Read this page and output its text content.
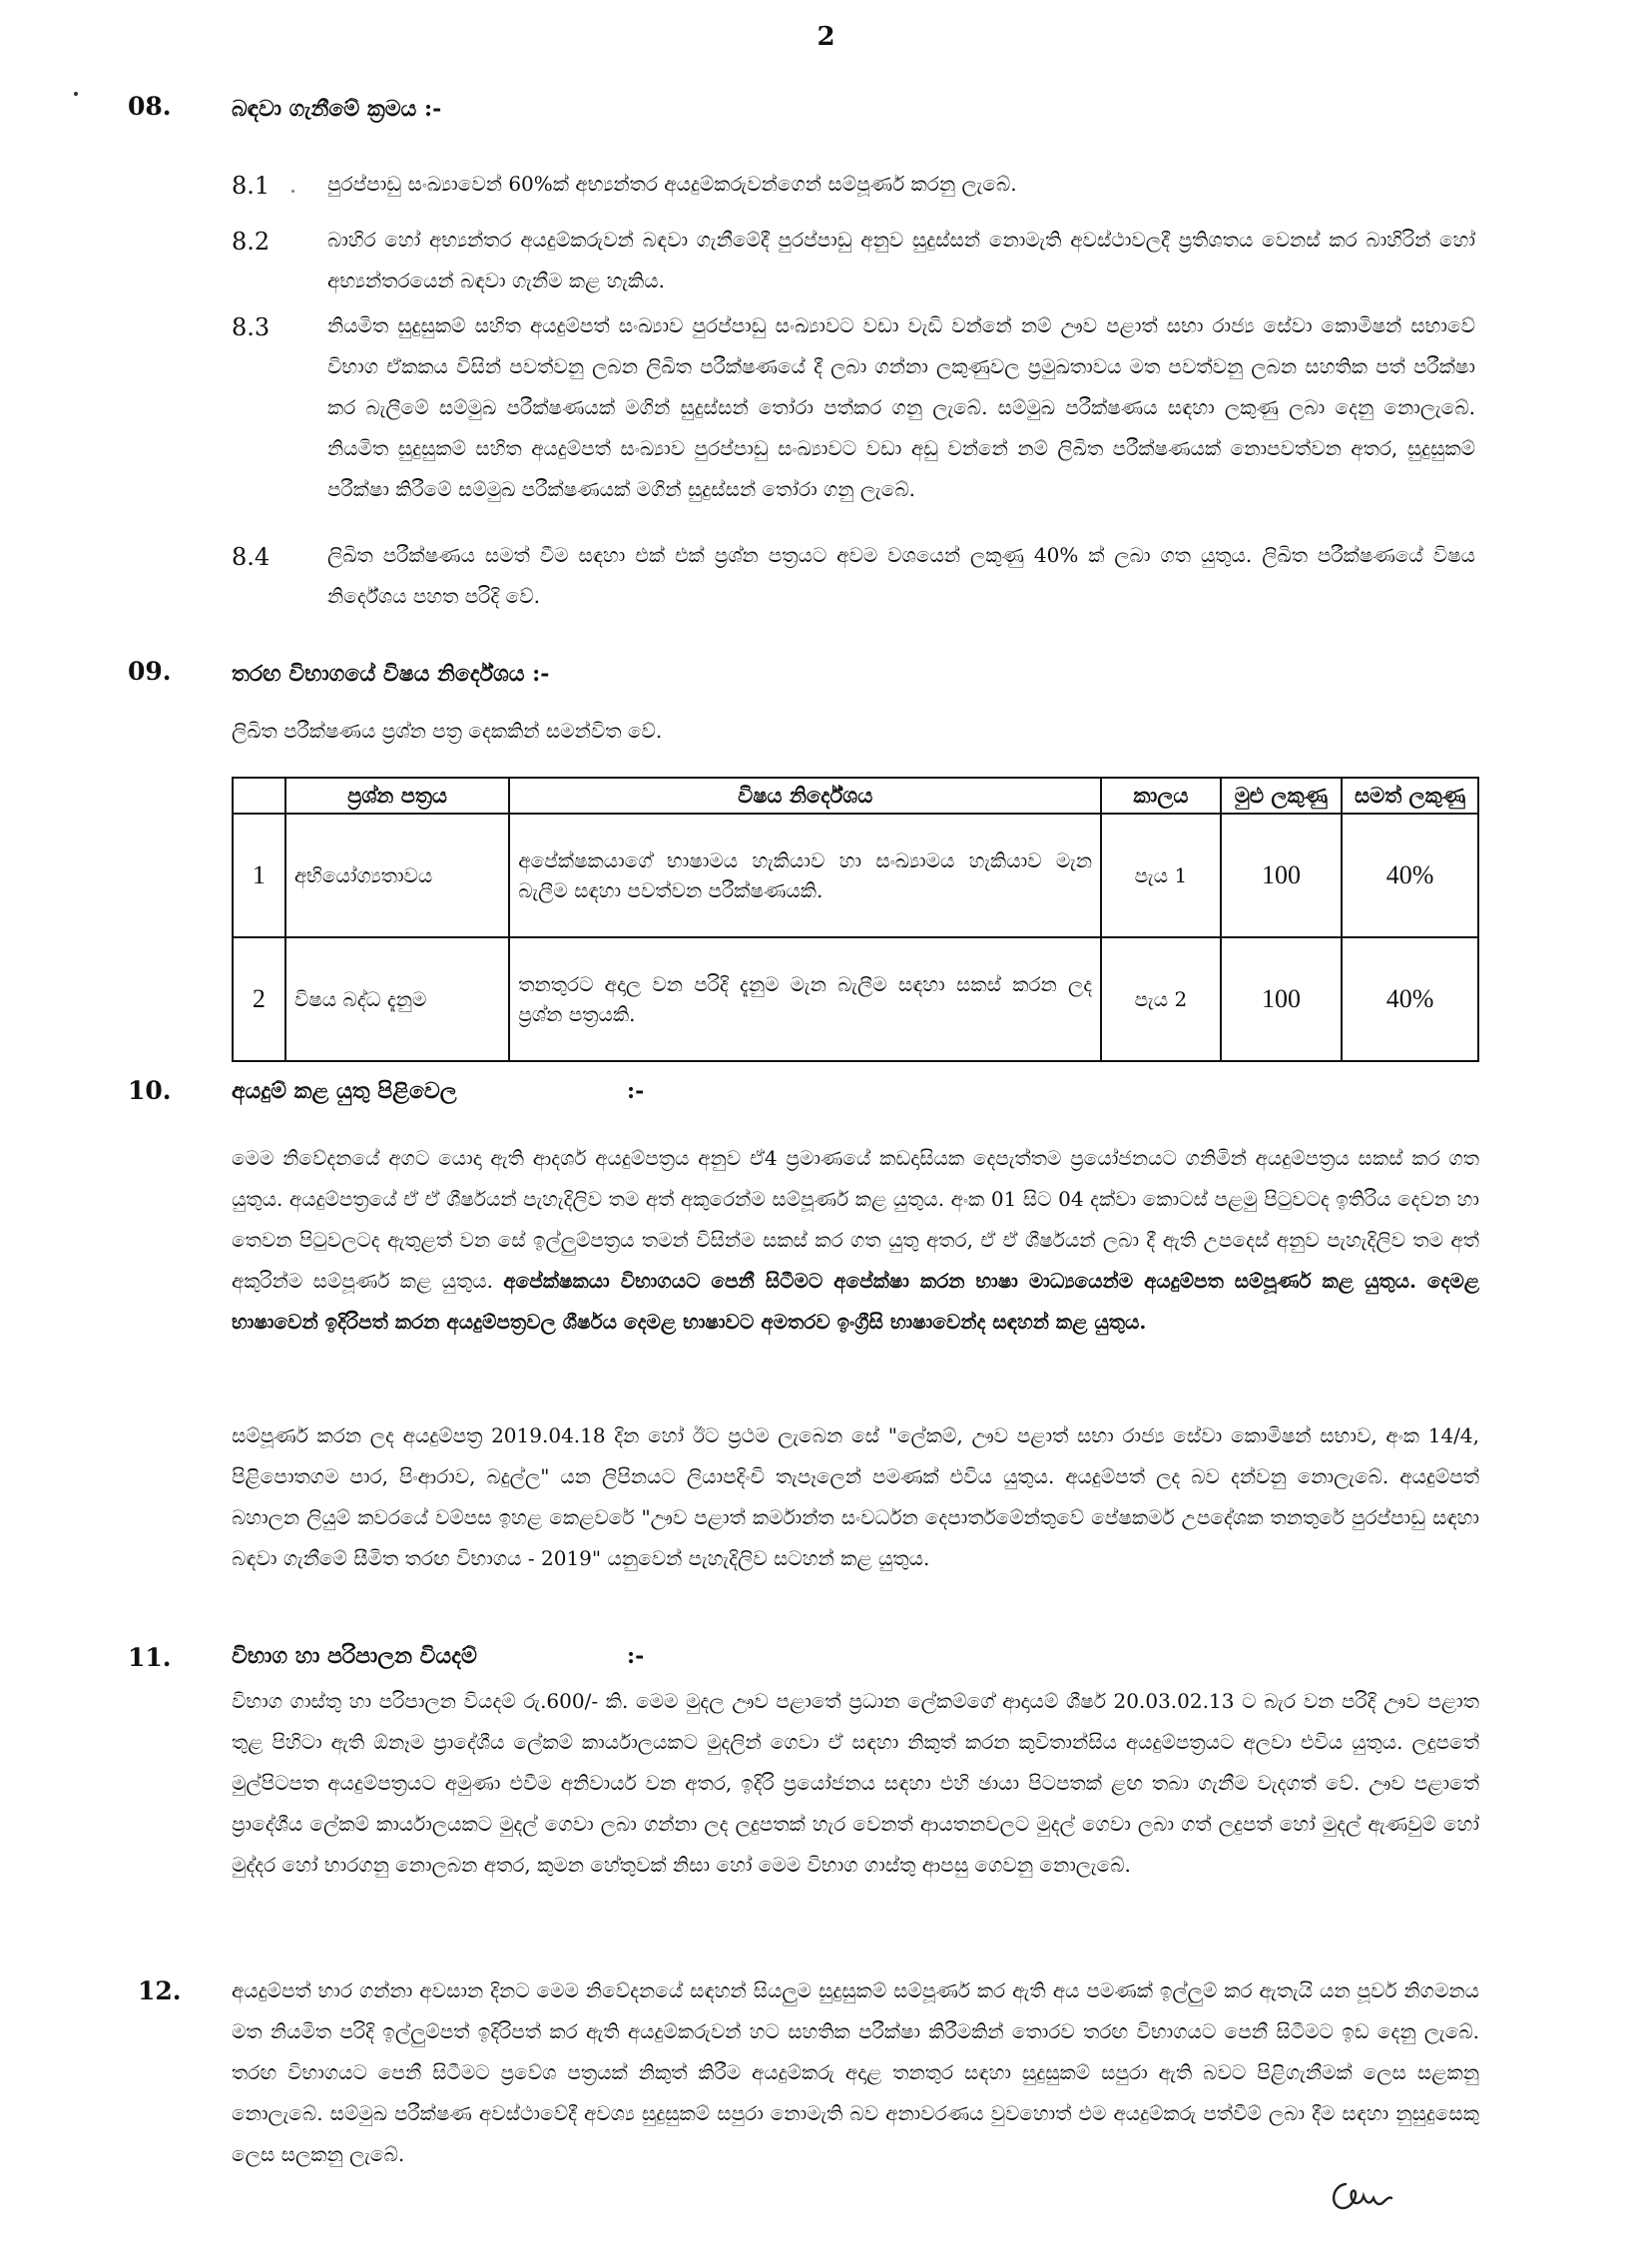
2
08.	බඳවා ගැනීමේ ක්‍රමය :-
8.1	පුරප්පාඩු සංඛ්‍යාවෙන් 60%ක් අභ්‍යන්තර අයදුම්කරුවන්ගෙන් සම්පූර්ණ කරනු ලැබේ.
8.2	බාහිර හෝ අභ්‍යන්තර අයදුම්කරුවන් බඳවා ගැනීමේදී පුරප්පාඩු අනුව සුදුස්සන් නොමැති අවස්ථාවලදී ප්‍රතිශතය වෙනස් කර බාහිරින් හෝ අභ්‍යන්තරයෙන් බඳවා ගැනීම කළ හැකිය.
8.3	නියමිත සුදුසුකම් සහිත අයදුම්පත් සංඛ්‍යාව පුරප්පාඩු සංඛ්‍යාවට වඩා වැඩි වන්නේ නම් ඌව පළාත් සභා රාජ්‍ය සේවා කොමිෂන් සභාවේ විභාග ඒකකය විසින් පවත්වනු ලබන ලිඛිත පරීක්ෂණයේ දී ලබා ගන්නා ලකුණුවල ප්‍රමුඛතාවය මත පවත්වනු ලබන සහතික පත් පරීක්ෂා කර බැලීමේ සම්මුඛ පරීක්ෂණයක් මගින් සුදුස්සන් තෝරා පත්කර ගනු ලැබේ. සම්මුඛ පරීක්ෂණය සඳහා ලකුණු ලබා දෙනු නොලැබේ. නියමිත සුදුසුකම් සහිත අයදුම්පත් සංඛ්‍යාව පුරප්පාඩු සංඛ්‍යාවට වඩා අඩු වන්නේ නම් ලිඛිත පරීක්ෂණයක් නොපවත්වන අතර, සුදුසුකම් පරීක්ෂා කිරීමේ සම්මුඛ පරීක්ෂණයක් මගින් සුදුස්සන් තෝරා ගනු ලැබේ.
8.4	ලිඛිත පරීක්ෂණය සමත් වීම සඳහා එක් එක් ප්‍රශ්න පත්‍රයට අවම වශයෙන් ලකුණු 40% ක් ලබා ගත යුතුය. ලිඛිත පරීක්ෂණයේ විෂය නිර්දේශය පහත පරිදි වේ.
09.	තරඟ විභාගයේ විෂය නිර්දේශය :-
ලිඛිත පරීක්ෂණය ප්‍රශ්න පත්‍ර දෙකකින් සමන්විත වේ.
	ප්‍රශ්න පත්‍රය	විෂය නිර්දේශය	කාලය	මුළු ලකුණු	සමත් ලකුණු
1	අභියෝග්‍යතාවය	අපේක්ෂකයාගේ භාෂාමය හැකියාව හා සංඛ්‍යාමය හැකියාව මැන බැලීම සඳහා පවත්වන පරීක්ෂණයකි.	පැය 1	100	40%
2	විෂය බද්ධ දැනුම	තනතුරට අදාල වන පරිදි දැනුම මැන බැලීම සඳහා සකස් කරන ලද ප්‍රශ්න පත්‍රයකි.	පැය 2	100	40%
10.	අයදුම් කළ යුතු පිළිවෙල	:-
මෙම නිවේදනයේ අගට යොදා ඇති ආදර්ශ අයදුම්පත්‍රය අනුව ඒ4 ප්‍රමාණයේ කඩදාසියක දෙපැත්තම ප්‍රයෝජනයට ගනිමින් අයදුම්පත්‍රය සකස් කර ගත යුතුය. අයදුම්පත්‍රයේ ඒ ඒ ශීර්ෂයන් පැහැදිලිව තම අත් අකුරෙන්ම සම්පූර්ණ කළ යුතුය. අංක 01 සිට 04 දක්වා කොටස් පළමු පිටුවටද ඉතිරිය දෙවන හා තෙවන පිටුවලටද ඇතුළත් වන සේ ඉල්ලුම්පත්‍රය තමන් විසින්ම සකස් කර ගත යුතු අතර, ඒ ඒ ශීර්ෂයන් ලබා දී ඇති උපදෙස් අනුව පැහැදිලිව තම අත් අකුරින්ම සම්පූර්ණ කළ යුතුය. අපේක්ෂකයා විභාගයට පෙනී සිටීමට අපේක්ෂා කරන භාෂා මාධ්‍යයෙන්ම අයදුම්පත සම්පූර්ණ කළ යුතුය. දෙමළ භාෂාවෙන් ඉදිරිපත් කරන අයදුම්පත්‍රවල ශීර්ෂය දෙමළ භාෂාවට අමතරව ඉංග්‍රීසි භාෂාවෙන්ද සඳහන් කළ යුතුය.
සම්පූර්ණ කරන ලද අයදුම්පත්‍ර 2019.04.18 දින හෝ ඊට ප්‍රථම ලැබෙන සේ "ලේකම්, ඌව පළාත් සභා රාජ්‍ය සේවා කොමිෂන් සභාව, අංක 14/4, පිළිපොතගම පාර, පිංආරාව, බදුල්ල" යන ලිපිනයට ලියාපදිංචි තැපෑලෙන් පමණක් එවිය යුතුය. අයදුම්පත් ලද බව දන්වනු නොලැබේ. අයදුම්පත් බහාලන ලියුම් කවරයේ වම්පස ඉහළ කෙළවරේ "ඌව පළාත් කර්මාන්ත සංවර්ධන දෙපාර්තමේන්තුවේ පේෂකර්ම උපදේශක තනතුරේ පුරප්පාඩු සඳහා බඳවා ගැනීමේ සීමිත තරඟ විභාගය - 2019" යනුවෙන් පැහැදිලිව සටහන් කළ යුතුය.
11.	විභාග හා පරිපාලන වියදම්	:-
විභාග ගාස්තු හා පරිපාලන වියදම් රු.600/- කි. මෙම මුදල ඌව පළාතේ ප්‍රධාන ලේකම්ගේ ආදායම් ශීර්ෂ 20.03.02.13 ට බැර වන පරිදි ඌව පළාත තුළ පිහිටා ඇති ඕනෑම ප්‍රාදේශීය ලේකම් කාර්යාලයකට මුදලින් ගෙවා ඒ සඳහා නිකුත් කරන කුවිතාන්සිය අයදුම්පත්‍රයට අලවා එවිය යුතුය. ලදුපතේ මුල්පිටපත අයදුම්පත්‍රයට අමුණා එවීම අනිවාර්ය වන අතර, ඉදිරි ප්‍රයෝජනය සඳහා එහි ඡායා පිටපතක් ළඟ තබා ගැනීම වැදගත් වේ. ඌව පළාතේ ප්‍රාදේශීය ලේකම් කාර්යාලයකට මුදල් ගෙවා ලබා ගන්නා ලද ලදුපතක් හැර වෙනත් ආයතනවලට මුදල් ගෙවා ලබා ගත් ලදුපත් හෝ මුදල් ඇණවුම් හෝ මුද්දර හෝ භාරගනු නොලබන අතර, කුමන හේතුවක් නිසා හෝ මෙම විභාග ගාස්තු ආපසු ගෙවනු නොලැබේ.
12.	අයදුම්පත් භාර ගන්නා අවසාන දිනට මෙම නිවේදනයේ සඳහන් සියලුම සුදුසුකම් සම්පූර්ණ කර ඇති අය පමණක් ඉල්ලුම් කර ඇතැයි යන පූර්ව නිගමනය මත නියමිත පරිදි ඉල්ලුම්පත් ඉදිරිපත් කර ඇති අයදුම්කරුවන් හට සහතික පරීක්ෂා කිරීමකින් තොරව තරඟ විභාගයට පෙනී සිටීමට ඉඩ දෙනු ලැබේ. තරඟ විභාගයට පෙනී සිටීමට ප්‍රවේශ පත්‍රයක් නිකුත් කිරීම අයදුම්කරු අදාළ තනතුර සඳහා සුදුසුකම් සපුරා ඇති බවට පිළිගැනීමක් ලෙස සළකනු නොලැබේ. සම්මුඛ පරීක්ෂණ අවස්ථාවේදී අවශ්‍ය සුදුසුකම් සපුරා නොමැති බව අනාවරණය වුවහොත් එම අයදුම්කරු පත්වීම් ලබා දීම සඳහා නුසුදුසෙකු ලෙස සලකනු ලැබේ.
